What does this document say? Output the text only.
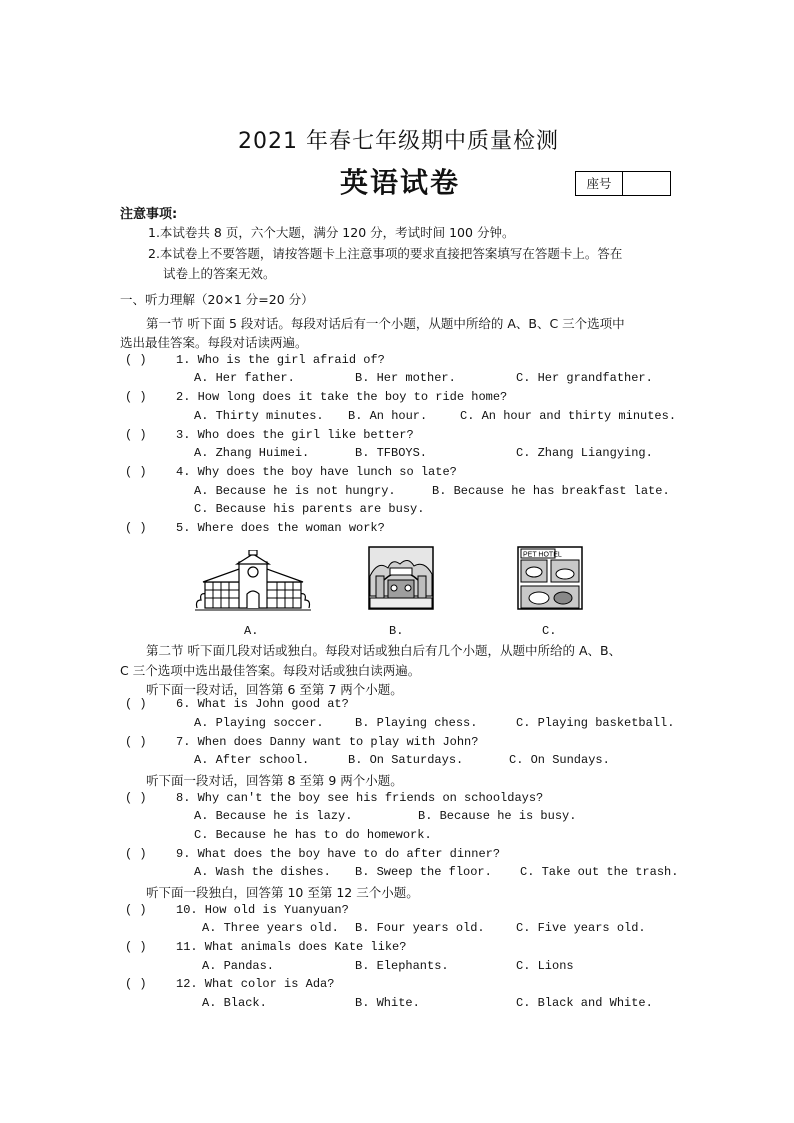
2021 年春七年级期中质量检测
英语试卷	座号
注意事项:
1.本试卷共 8 页，六个大题，满分 120 分，考试时间 100 分钟。
2.本试卷上不要答题，请按答题卡上注意事项的要求直接把答案填写在答题卡上。答在
试卷上的答案无效。
一、听力理解（20×1 分=20 分）
第一节 听下面 5 段对话。每段对话后有一个小题，从题中所给的 A、B、C 三个选项中
选出最佳答案。每段对话读两遍。
( ) 1. Who is the girl afraid of?
A. Her father.	B. Her mother.	C. Her grandfather.
( ) 2. How long does it take the boy to ride home?
A. Thirty minutes. B. An hour.	C. An hour and thirty minutes.
( ) 3. Who does the girl like better?
A. Zhang Huimei.	B. TFBOYS.	C. Zhang Liangying.
( ) 4. Why does the boy have lunch so late?
A. Because he is not hungry.	B. Because he has breakfast late.
C. Because his parents are busy.
( ) 5. Where does the woman work?
PET HOTEL
A.	B.	C.
第二节 听下面几段对话或独白。每段对话或独白后有几个小题，从题中所给的 A、B、
C 三个选项中选出最佳答案。每段对话或独白读两遍。
听下面一段对话，回答第 6 至第 7 两个小题。
( ) 6. What is John good at?
A. Playing soccer.	B. Playing chess.	C. Playing basketball.
( ) 7. When does Danny want to play with John?
A. After school.	B. On Saturdays.	C. On Sundays.
听下面一段对话，回答第 8 至第 9 两个小题。
( ) 8. Why can't the boy see his friends on schooldays?
A. Because he is lazy.	B. Because he is busy.
C. Because he has to do homework.
( ) 9. What does the boy have to do after dinner?
A. Wash the dishes. B. Sweep the floor. C. Take out the trash.
听下面一段独白，回答第 10 至第 12 三个小题。
( ) 10. How old is Yuanyuan?
A. Three years old. B. Four years old.	C. Five years old.
( ) 11. What animals does Kate like?
A. Pandas.	B. Elephants.	C. Lions
( ) 12. What color is Ada?
A. Black.	B. White.	C. Black and White.
